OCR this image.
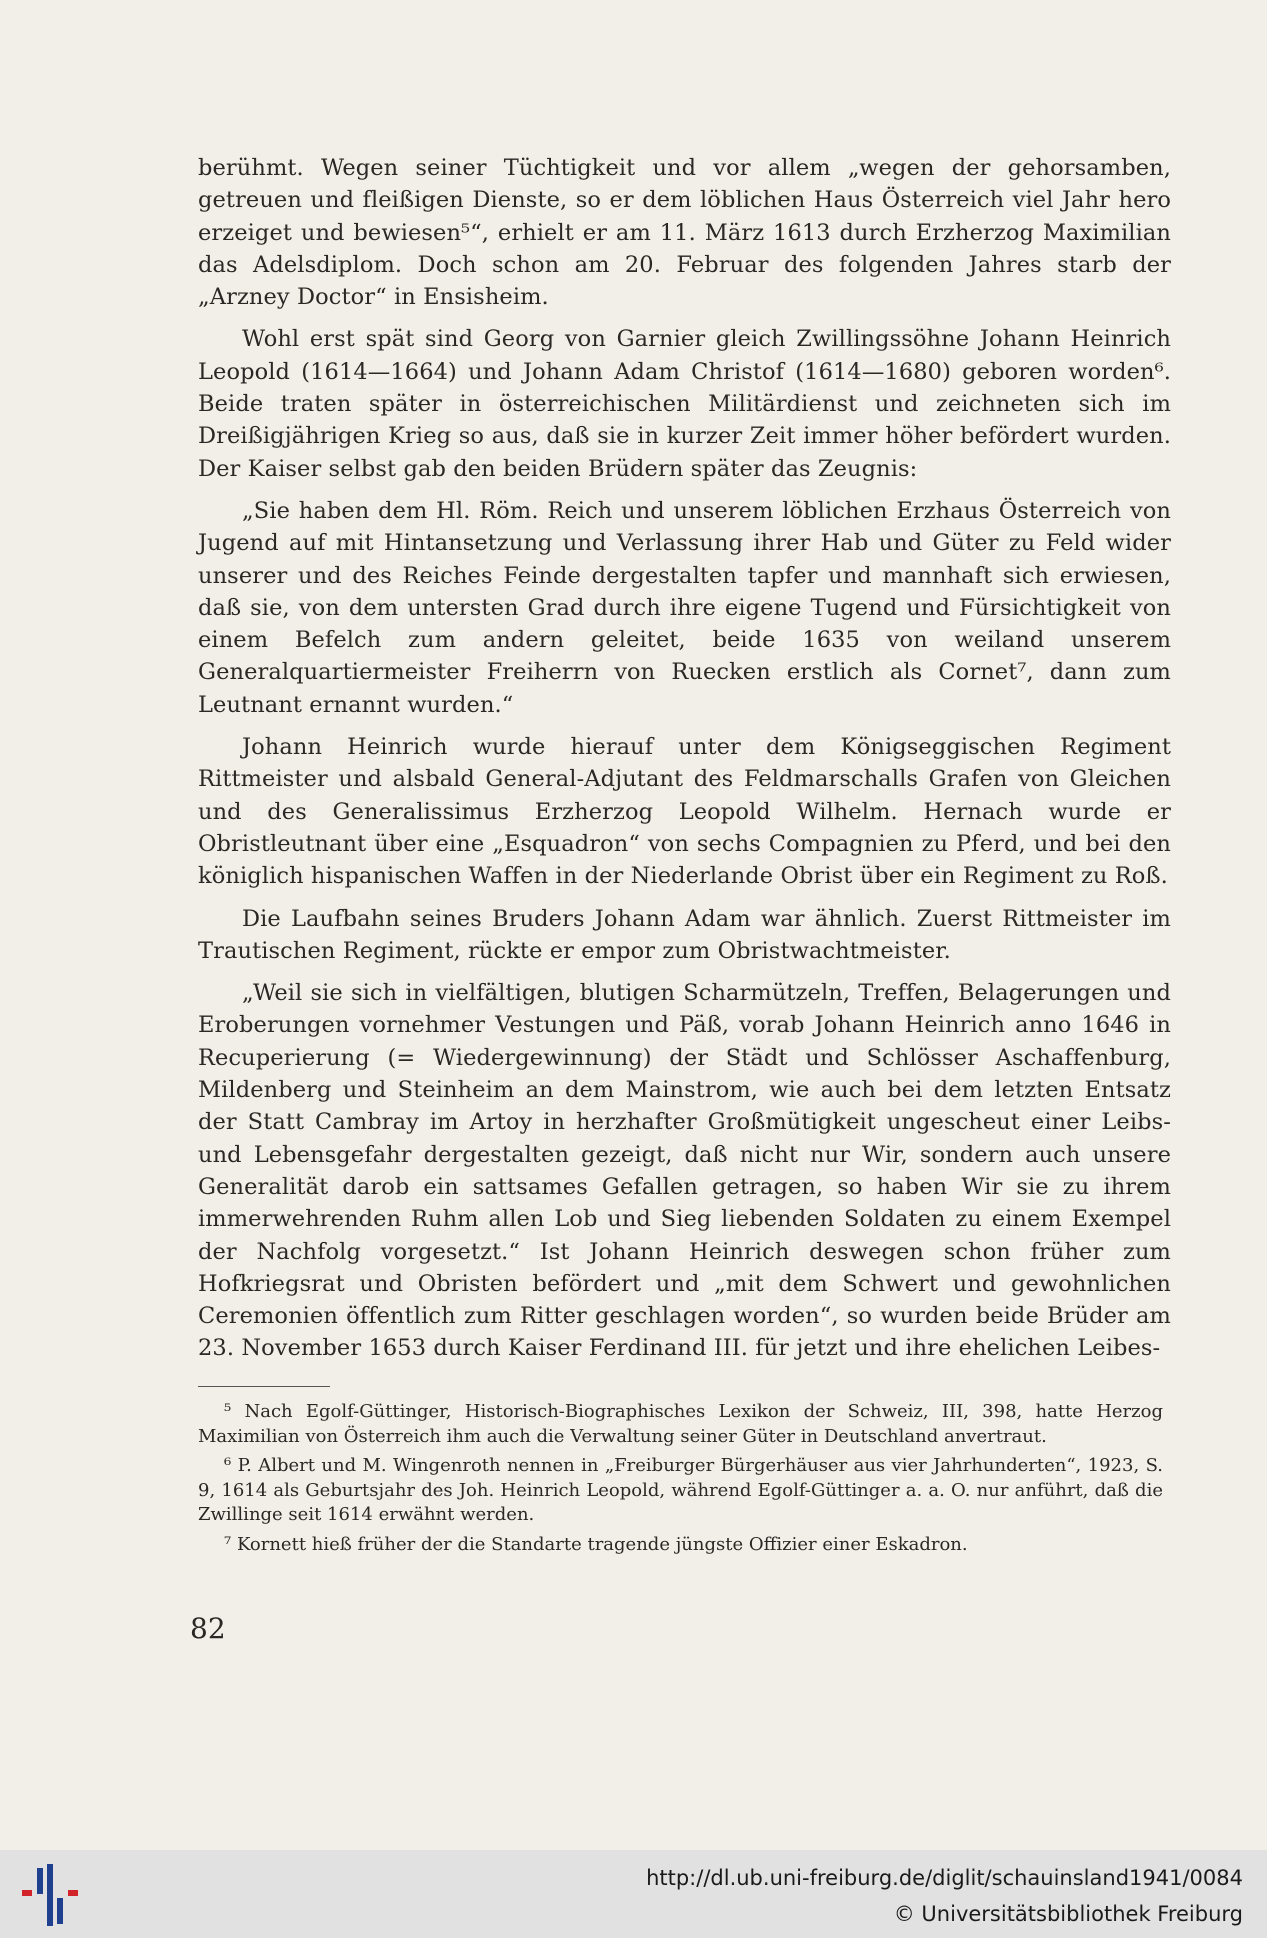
berühmt. Wegen seiner Tüchtigkeit und vor allem „wegen der gehorsamben, getreuen und fleißigen Dienste, so er dem löblichen Haus Österreich viel Jahr hero erzeiget und bewiesen⁵“, erhielt er am 11. März 1613 durch Erzherzog Maximilian das Adelsdiplom. Doch schon am 20. Februar des folgenden Jahres starb der „Arzney Doctor“ in Ensisheim.

Wohl erst spät sind Georg von Garnier gleich Zwillingssöhne Johann Heinrich Leopold (1614—1664) und Johann Adam Christof (1614—1680) geboren worden⁶. Beide traten später in österreichischen Militärdienst und zeichneten sich im Dreißigjährigen Krieg so aus, daß sie in kurzer Zeit immer höher befördert wurden. Der Kaiser selbst gab den beiden Brüdern später das Zeugnis:

„Sie haben dem Hl. Röm. Reich und unserem löblichen Erzhaus Österreich von Jugend auf mit Hintansetzung und Verlassung ihrer Hab und Güter zu Feld wider unserer und des Reiches Feinde dergestalten tapfer und mannhaft sich erwiesen, daß sie, von dem untersten Grad durch ihre eigene Tugend und Fürsichtigkeit von einem Befelch zum andern geleitet, beide 1635 von weiland unserem Generalquartiermeister Freiherrn von Ruecken erstlich als Cornet⁷, dann zum Leutnant ernannt wurden.“

Johann Heinrich wurde hierauf unter dem Königseggischen Regiment Rittmeister und alsbald General-Adjutant des Feldmarschalls Grafen von Gleichen und des Generalissimus Erzherzog Leopold Wilhelm. Hernach wurde er Obristleutnant über eine „Esquadron“ von sechs Compagnien zu Pferd, und bei den königlich hispanischen Waffen in der Niederlande Obrist über ein Regiment zu Roß.

Die Laufbahn seines Bruders Johann Adam war ähnlich. Zuerst Rittmeister im Trautischen Regiment, rückte er empor zum Obristwachtmeister.

„Weil sie sich in vielfältigen, blutigen Scharmützeln, Treffen, Belagerungen und Eroberungen vornehmer Vestungen und Päß, vorab Johann Heinrich anno 1646 in Recuperierung (= Wiedergewinnung) der Städt und Schlösser Aschaffenburg, Mildenberg und Steinheim an dem Mainstrom, wie auch bei dem letzten Entsatz der Statt Cambray im Artoy in herzhafter Großmütigkeit ungescheut einer Leibs- und Lebensgefahr dergestalten gezeigt, daß nicht nur Wir, sondern auch unsere Generalität darob ein sattsames Gefallen getragen, so haben Wir sie zu ihrem immerwehrenden Ruhm allen Lob und Sieg liebenden Soldaten zu einem Exempel der Nachfolg vorgesetzt.“ Ist Johann Heinrich deswegen schon früher zum Hofkriegsrat und Obristen befördert und „mit dem Schwert und gewohnlichen Ceremonien öffentlich zum Ritter geschlagen worden“, so wurden beide Brüder am 23. November 1653 durch Kaiser Ferdinand III. für jetzt und ihre ehelichen Leibes-

⁵ Nach Egolf-Güttinger, Historisch-Biographisches Lexikon der Schweiz, III, 398, hatte Herzog Maximilian von Österreich ihm auch die Verwaltung seiner Güter in Deutschland anvertraut.

⁶ P. Albert und M. Wingenroth nennen in „Freiburger Bürgerhäuser aus vier Jahrhunderten“, 1923, S. 9, 1614 als Geburtsjahr des Joh. Heinrich Leopold, während Egolf-Güttinger a. a. O. nur anführt, daß die Zwillinge seit 1614 erwähnt werden.

⁷ Kornett hieß früher der die Standarte tragende jüngste Offizier einer Eskadron.

82
http://dl.ub.uni-freiburg.de/diglit/schauinsland1941/0084
© Universitätsbibliothek Freiburg
